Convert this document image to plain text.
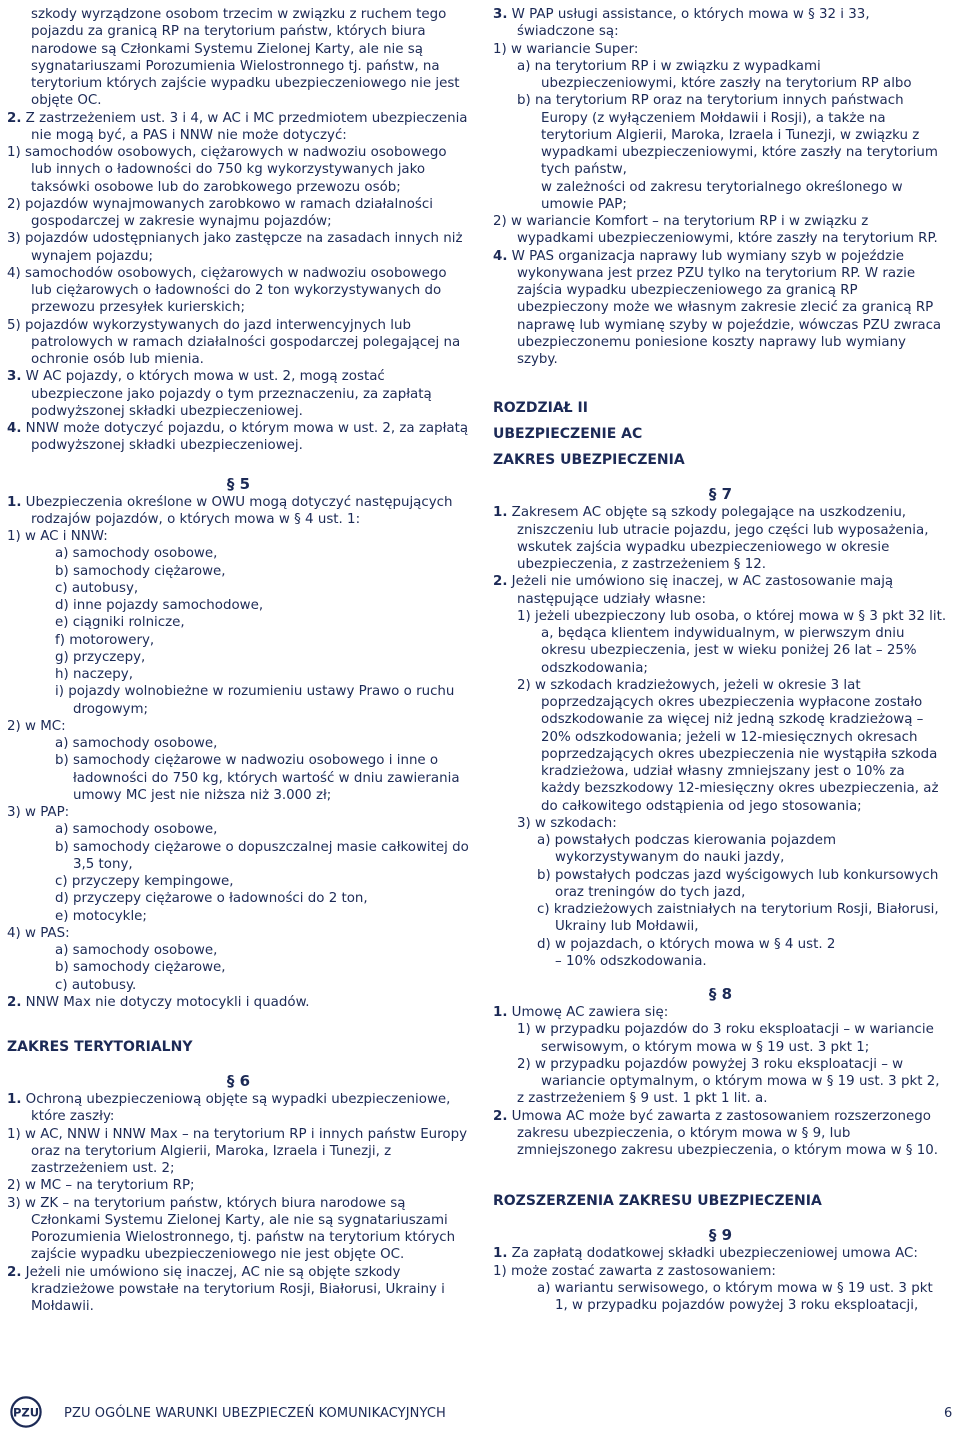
szkody wyrządzone osobom trzecim w związku z ruchem tego pojazdu za granicą RP na terytorium państw, których biura narodowe są Członkami Systemu Zielonej Karty, ale nie są sygnatariuszami Porozumienia Wielostronnego tj. państw, na terytorium których zajście wypadku ubezpieczeniowego nie jest objęte OC.

2. Z zastrzeżeniem ust. 3 i 4, w AC i MC przedmiotem ubezpieczenia nie mogą być, a PAS i NNW nie może dotyczyć:

1) samochodów osobowych, ciężarowych w nadwoziu osobowego lub innych o ładowności do 750 kg wykorzystywanych jako taksówki osobowe lub do zarobkowego przewozu osób;
2) pojazdów wynajmowanych zarobkowo w ramach działalności gospodarczej w zakresie wynajmu pojazdów;
3) pojazdów udostępnianych jako zastępcze na zasadach innych niż wynajem pojazdu;
4) samochodów osobowych, ciężarowych w nadwoziu osobowego lub ciężarowych o ładowności do 2 ton wykorzystywanych do przewozu przesyłek kurierskich;
5) pojazdów wykorzystywanych do jazd interwencyjnych lub patrolowych w ramach działalności gospodarczej polegającej na ochronie osób lub mienia.

3. W AC pojazdy, o których mowa w ust. 2, mogą zostać ubezpieczone jako pojazdy o tym przeznaczeniu, za zapłatą podwyższonej składki ubezpieczeniowej.

4. NNW może dotyczyć pojazdu, o którym mowa w ust. 2, za zapłatą podwyższonej składki ubezpieczeniowej.

§ 5

1. Ubezpieczenia określone w OWU mogą dotyczyć następujących rodzajów pojazdów, o których mowa w § 4 ust. 1:

1) w AC i NNW:
a) samochody osobowe,
b) samochody ciężarowe,
c) autobusy,
d) inne pojazdy samochodowe,
e) ciągniki rolnicze,
f) motorowery,
g) przyczepy,
h) naczepy,
i) pojazdy wolnobieżne w rozumieniu ustawy Prawo o ruchu drogowym;
2) w MC:
a) samochody osobowe,
b) samochody ciężarowe w nadwoziu osobowego i inne o ładowności do 750 kg, których wartość w dniu zawierania umowy MC jest nie niższa niż 3.000 zł;
3) w PAP:
a) samochody osobowe,
b) samochody ciężarowe o dopuszczalnej masie całkowitej do 3,5 tony,
c) przyczepy kempingowe,
d) przyczepy ciężarowe o ładowności do 2 ton,
e) motocykle;
4) w PAS:
a) samochody osobowe,
b) samochody ciężarowe,
c) autobusy.

2. NNW Max nie dotyczy motocykli i quadów.

ZAKRES TERYTORIALNY
§ 6

1. Ochroną ubezpieczeniową objęte są wypadki ubezpieczeniowe, które zaszły:

1) w AC, NNW i NNW Max – na terytorium RP i innych państw Europy oraz na terytorium Algierii, Maroka, Izraela i Tunezji, z zastrzeżeniem ust. 2;
2) w MC – na terytorium RP;
3) w ZK – na terytorium państw, których biura narodowe są Członkami Systemu Zielonej Karty, ale nie są sygnatariuszami Porozumienia Wielostronnego, tj. państw na terytorium których zajście wypadku ubezpieczeniowego nie jest objęte OC.

2. Jeżeli nie umówiono się inaczej, AC nie są objęte szkody kradzieżowe powstałe na terytorium Rosji, Białorusi, Ukrainy i Mołdawii.

3. W PAP usługi assistance, o których mowa w § 32 i 33, świadczone są:

1) w wariancie Super:
a) na terytorium RP i w związku z wypadkami ubezpieczeniowymi, które zaszły na terytorium RP albo
b) na terytorium RP oraz na terytorium innych państwach Europy (z wyłączeniem Mołdawii i Rosji), a także na terytorium Algierii, Maroka, Izraela i Tunezji, w związku z wypadkami ubezpieczeniowymi, które zaszły na terytorium tych państw,
w zależności od zakresu terytorialnego określonego w umowie PAP;
2) w wariancie Komfort – na terytorium RP i w związku z wypadkami ubezpieczeniowymi, które zaszły na terytorium RP.

4. W PAS organizacja naprawy lub wymiany szyb w pojeździe wykonywana jest przez PZU tylko na terytorium RP. W razie zajścia wypadku ubezpieczeniowego za granicą RP ubezpieczony może we własnym zakresie zlecić za granicą RP naprawę lub wymianę szyby w pojeździe, wówczas PZU zwraca ubezpieczonemu poniesione koszty naprawy lub wymiany szyby.

ROZDZIAŁ II
UBEZPIECZENIE AC
ZAKRES UBEZPIECZENIA
§ 7

1. Zakresem AC objęte są szkody polegające na uszkodzeniu, zniszczeniu lub utracie pojazdu, jego części lub wyposażenia, wskutek zajścia wypadku ubezpieczeniowego w okresie ubezpieczenia, z zastrzeżeniem § 12.

2. Jeżeli nie umówiono się inaczej, w AC zastosowanie mają następujące udziały własne:

1) jeżeli ubezpieczony lub osoba, o której mowa w § 3 pkt 32 lit. a, będąca klientem indywidualnym, w pierwszym dniu okresu ubezpieczenia, jest w wieku poniżej 26 lat – 25% odszkodowania;
2) w szkodach kradzieżowych, jeżeli w okresie 3 lat poprzedzających okres ubezpieczenia wypłacone zostało odszkodowanie za więcej niż jedną szkodę kradzieżową – 20% odszkodowania; jeżeli w 12-miesięcznych okresach poprzedzających okres ubezpieczenia nie wystąpiła szkoda kradzieżowa, udział własny zmniejszany jest o 10% za każdy bezszkodowy 12-miesięczny okres ubezpieczenia, aż do całkowitego odstąpienia od jego stosowania;
3) w szkodach:
a) powstałych podczas kierowania pojazdem wykorzystywanym do nauki jazdy,
b) powstałych podczas jazd wyścigowych lub konkursowych oraz treningów do tych jazd,
c) kradzieżowych zaistniałych na terytorium Rosji, Białorusi, Ukrainy lub Mołdawii,
d) w pojazdach, o których mowa w § 4 ust. 2
– 10% odszkodowania.
§ 8

1. Umowę AC zawiera się:

1) w przypadku pojazdów do 3 roku eksploatacji – w wariancie serwisowym, o którym mowa w § 19 ust. 3 pkt 1;
2) w przypadku pojazdów powyżej 3 roku eksploatacji – w wariancie optymalnym, o którym mowa w § 19 ust. 3 pkt 2,
z zastrzeżeniem § 9 ust. 1 pkt 1 lit. a.

2. Umowa AC może być zawarta z zastosowaniem rozszerzonego zakresu ubezpieczenia, o którym mowa w § 9, lub zmniejszonego zakresu ubezpieczenia, o którym mowa w § 10.

ROZSZERZENIA ZAKRESU UBEZPIECZENIA
§ 9

1. Za zapłatą dodatkowej składki ubezpieczeniowej umowa AC:

1) może zostać zawarta z zastosowaniem:
a) wariantu serwisowego, o którym mowa w § 19 ust. 3 pkt 1, w przypadku pojazdów powyżej 3 roku eksploatacji,
PZU PZU OGÓLNE WARUNKI UBEZPIECZEŃ KOMUNIKACYJNYCH	6
